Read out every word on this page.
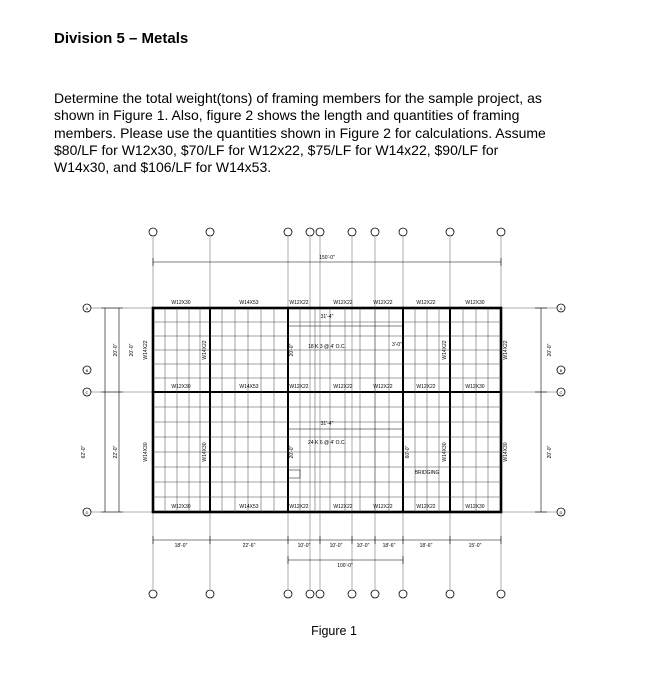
Division 5 – Metals
Determine the total weight(tons) of framing members for the sample project, as
shown in Figure 1. Also, figure 2 shows the length and quantities of framing
members. Please use the quantities shown in Figure 2 for calculations. Assume
$80/LF for W12x30, $70/LF for W12x22, $75/LF for W14x22, $90/LF for
W14x30, and $106/LF for W14x53.
150'-0"
W12X30	W14X53	W12X22	W12X22	W12X22	W12X22	W12X30
W12X30	W14X53	W12X22	W12X22	W12X22	W12X22	W12X30
W12X30	W14X53	W12X22	W12X22	W12X22	W12X22	W12X30
31'-4"
18 K 3 @ 4' O.C.
31'-4"
24 K 6 @ 4' O.C.
3'-0"
BRIDGING
18'-0"	22'-6"	10'-0"	10'-0"	10'-0"	18'-6"	18'-6"	15'-0"
100'-0"
A
B
C
D
A
B
C
D
62'-0"
20'-0" 20'-0"
22'-0"
20'-0"
20'-0"
W14X22
W14X30
W14X22
W14X30
W14X22
W14X30
W14X22
W14X30
20'-0"
20'-0"	60'-0"
Figure 1
